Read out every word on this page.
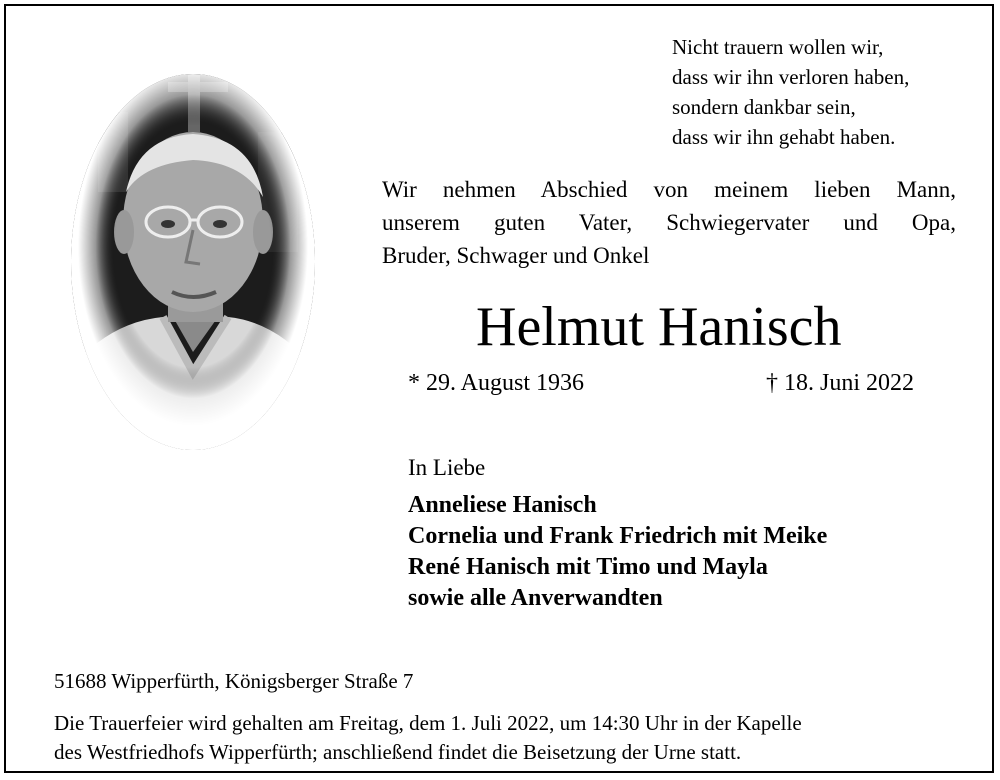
Nicht trauern wollen wir,
dass wir ihn verloren haben,
sondern dankbar sein,
dass wir ihn gehabt haben.
Wir nehmen Abschied von meinem lieben Mann,
unserem guten Vater, Schwiegervater und Opa,
Bruder, Schwager und Onkel
Helmut Hanisch
* 29. August 1936	† 18. Juni 2022
In Liebe
Anneliese Hanisch
Cornelia und Frank Friedrich mit Meike
René Hanisch mit Timo und Mayla
sowie alle Anverwandten
51688 Wipperfürth, Königsberger Straße 7
Die Trauerfeier wird gehalten am Freitag, dem 1. Juli 2022, um 14:30 Uhr in der Kapelle
des Westfriedhofs Wipperfürth; anschließend findet die Beisetzung der Urne statt.
